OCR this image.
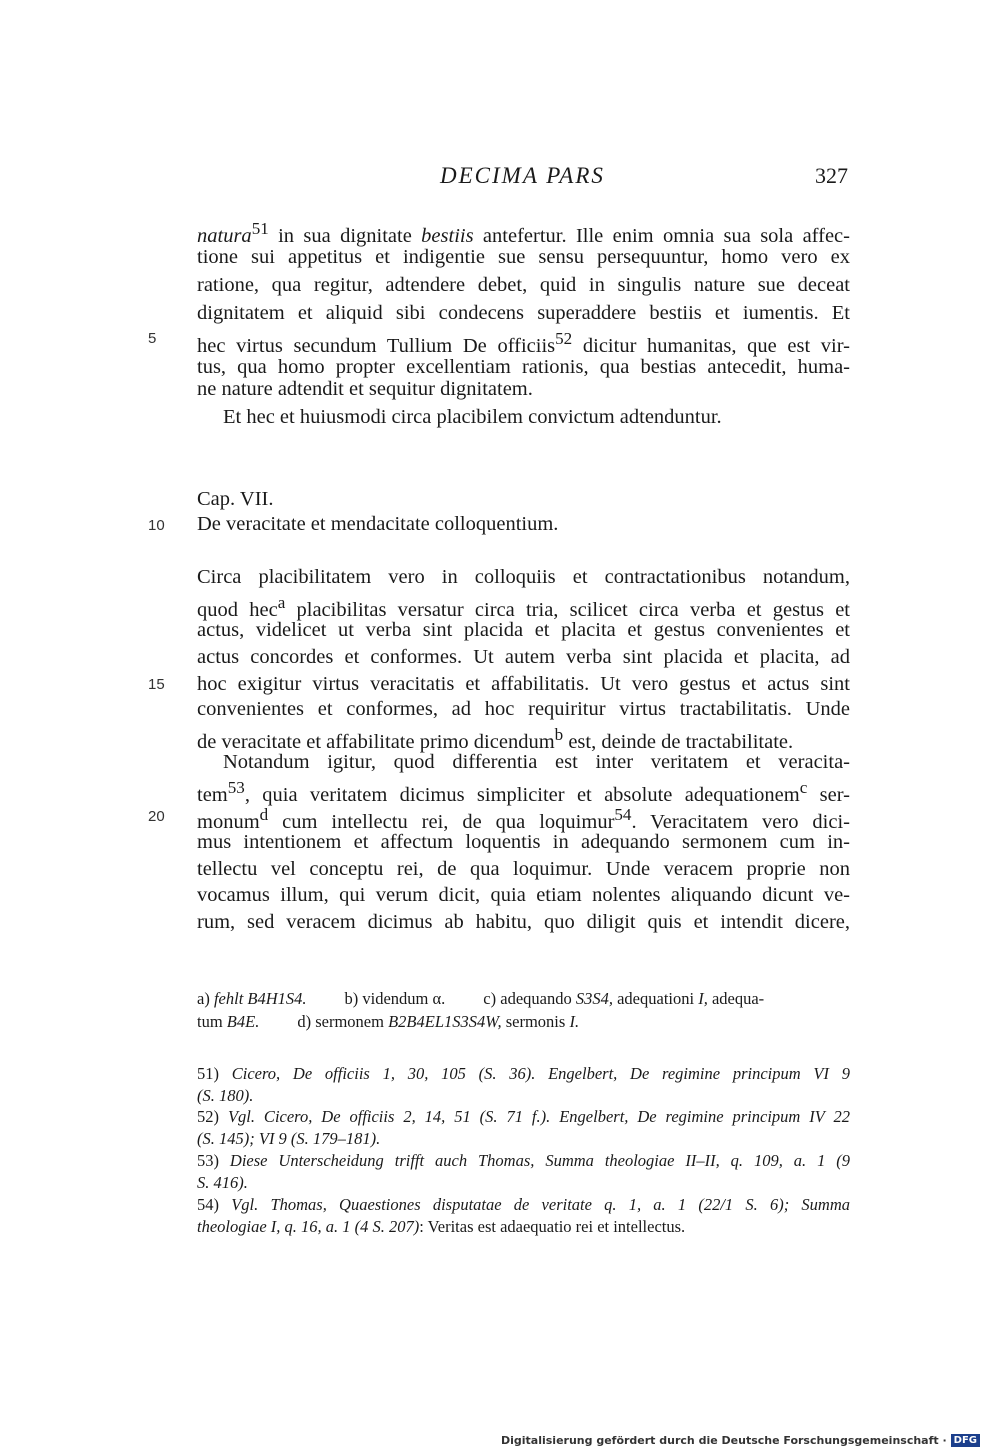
DECIMA PARS	327
natura$^{51}$ in sua dignitate bestiis antefertur. Ille enim omnia sua sola affec-
tione sui appetitus et indigentie sue sensu persequuntur, homo vero ex
ratione, qua regitur, adtendere debet, quid in singulis nature sue deceat
dignitatem et aliquid sibi condecens superaddere bestiis et iumentis. Et
5 hec virtus secundum Tullium De officiis$^{52}$ dicitur humanitas, que est vir-
tus, qua homo propter excellentiam rationis, qua bestias antecedit, huma-
ne nature adtendit et sequitur dignitatem.
Et hec et huiusmodi circa placibilem convictum adtenduntur.
Cap. VII.
10 De veracitate et mendacitate colloquentium.
Circa placibilitatem vero in colloquiis et contractationibus notandum,
quod hec$^a$ placibilitas versatur circa tria, scilicet circa verba et gestus et
actus, videlicet ut verba sint placida et placita et gestus convenientes et
actus concordes et conformes. Ut autem verba sint placida et placita, ad
15 hoc exigitur virtus veracitatis et affabilitatis. Ut vero gestus et actus sint
convenientes et conformes, ad hoc requiritur virtus tractabilitatis. Unde
de veracitate et affabilitate primo dicendum$^b$ est, deinde de tractabilitate.
Notandum igitur, quod differentia est inter veritatem et veracita-
tem$^{53}$, quia veritatem dicimus simpliciter et absolute adequationem$^c$ ser-
20 monum$^d$ cum intellectu rei, de qua loquimur$^{54}$. Veracitatem vero dici-
mus intentionem et affectum loquentis in adequando sermonem cum in-
tellectu vel conceptu rei, de qua loquimur. Unde veracem proprie non
vocamus illum, qui verum dicit, quia etiam nolentes aliquando dicunt ve-
rum, sed veracem dicimus ab habitu, quo diligit quis et intendit dicere,
a) fehlt B4H1S4. b) videndum α. c) adequando S3S4, adequationi I, adequa-
tum B4E. d) sermonem B2B4EL1S3S4W, sermonis I.
51) Cicero, De officiis 1, 30, 105 (S. 36). Engelbert, De regimine principum VI 9
(S. 180).
52) Vgl. Cicero, De officiis 2, 14, 51 (S. 71 f.). Engelbert, De regimine principum IV 22
(S. 145); VI 9 (S. 179–181).
53) Diese Unterscheidung trifft auch Thomas, Summa theologiae II–II, q. 109, a. 1 (9
S. 416).
54) Vgl. Thomas, Quaestiones disputatae de veritate q. 1, a. 1 (22/1 S. 6); Summa
theologiae I, q. 16, a. 1 (4 S. 207): Veritas est adaequatio rei et intellectus.
Digitalisierung gefördert durch die Deutsche Forschungsgemeinschaft · DFG
